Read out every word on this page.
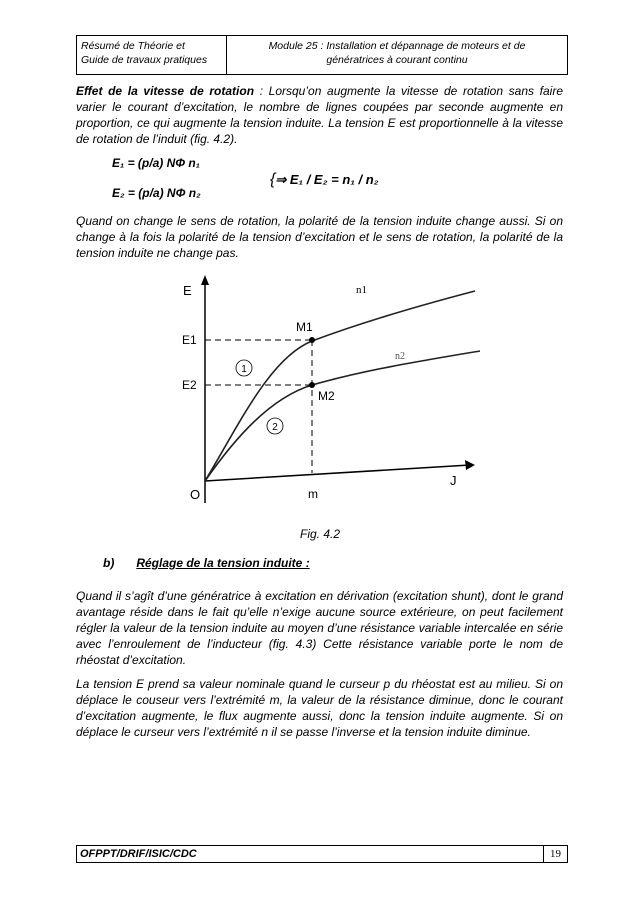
Résumé de Théorie et
Guide de travaux pratiques
Module 25 : Installation et dépannage de moteurs et de
génératrices à courant continu
Effet de la vitesse de rotation : Lorsqu’on augmente la vitesse de rotation sans faire varier le courant d’excitation, le nombre de lignes coupées par seconde augmente en proportion, ce qui augmente la tension induite. La tension E est proportionnelle à la vitesse de rotation de l’induit (fig. 4.2).
E₁ = (p/a) NΦ n₁
{⇒ E₁ / E₂ = n₁ / n₂
E₂ = (p/a) NΦ n₂
Quand on change le sens de rotation, la polarité de la tension induite change aussi. Si on change à la fois la polarité de la tension d’excitation et le sens de rotation, la polarité de la tension induite ne change pas.
1
2
E
J
O
E1
E2
M1
M2
m
n1
n2
Fig. 4.2
b) Réglage de la tension induite :
Quand il s’agît d’une génératrice à excitation en dérivation (excitation shunt), dont le grand avantage réside dans le fait qu’elle n’exige aucune source extérieure, on peut facilement régler la valeur de la tension induite au moyen d’une résistance variable intercalée en série avec l’enroulement de l’inducteur (fig. 4.3) Cette résistance variable porte le nom de rhéostat d’excitation.
La tension E prend sa valeur nominale quand le curseur p du rhéostat est au milieu. Si on déplace le couseur vers l’extrémité m, la valeur de la résistance diminue, donc le courant d’excitation augmente, le flux augmente aussi, donc la tension induite augmente. Si on déplace le curseur vers l’extrémité n il se passe l’inverse et la tension induite diminue.
OFPPT/DRIF/ISIC/CDC	19
